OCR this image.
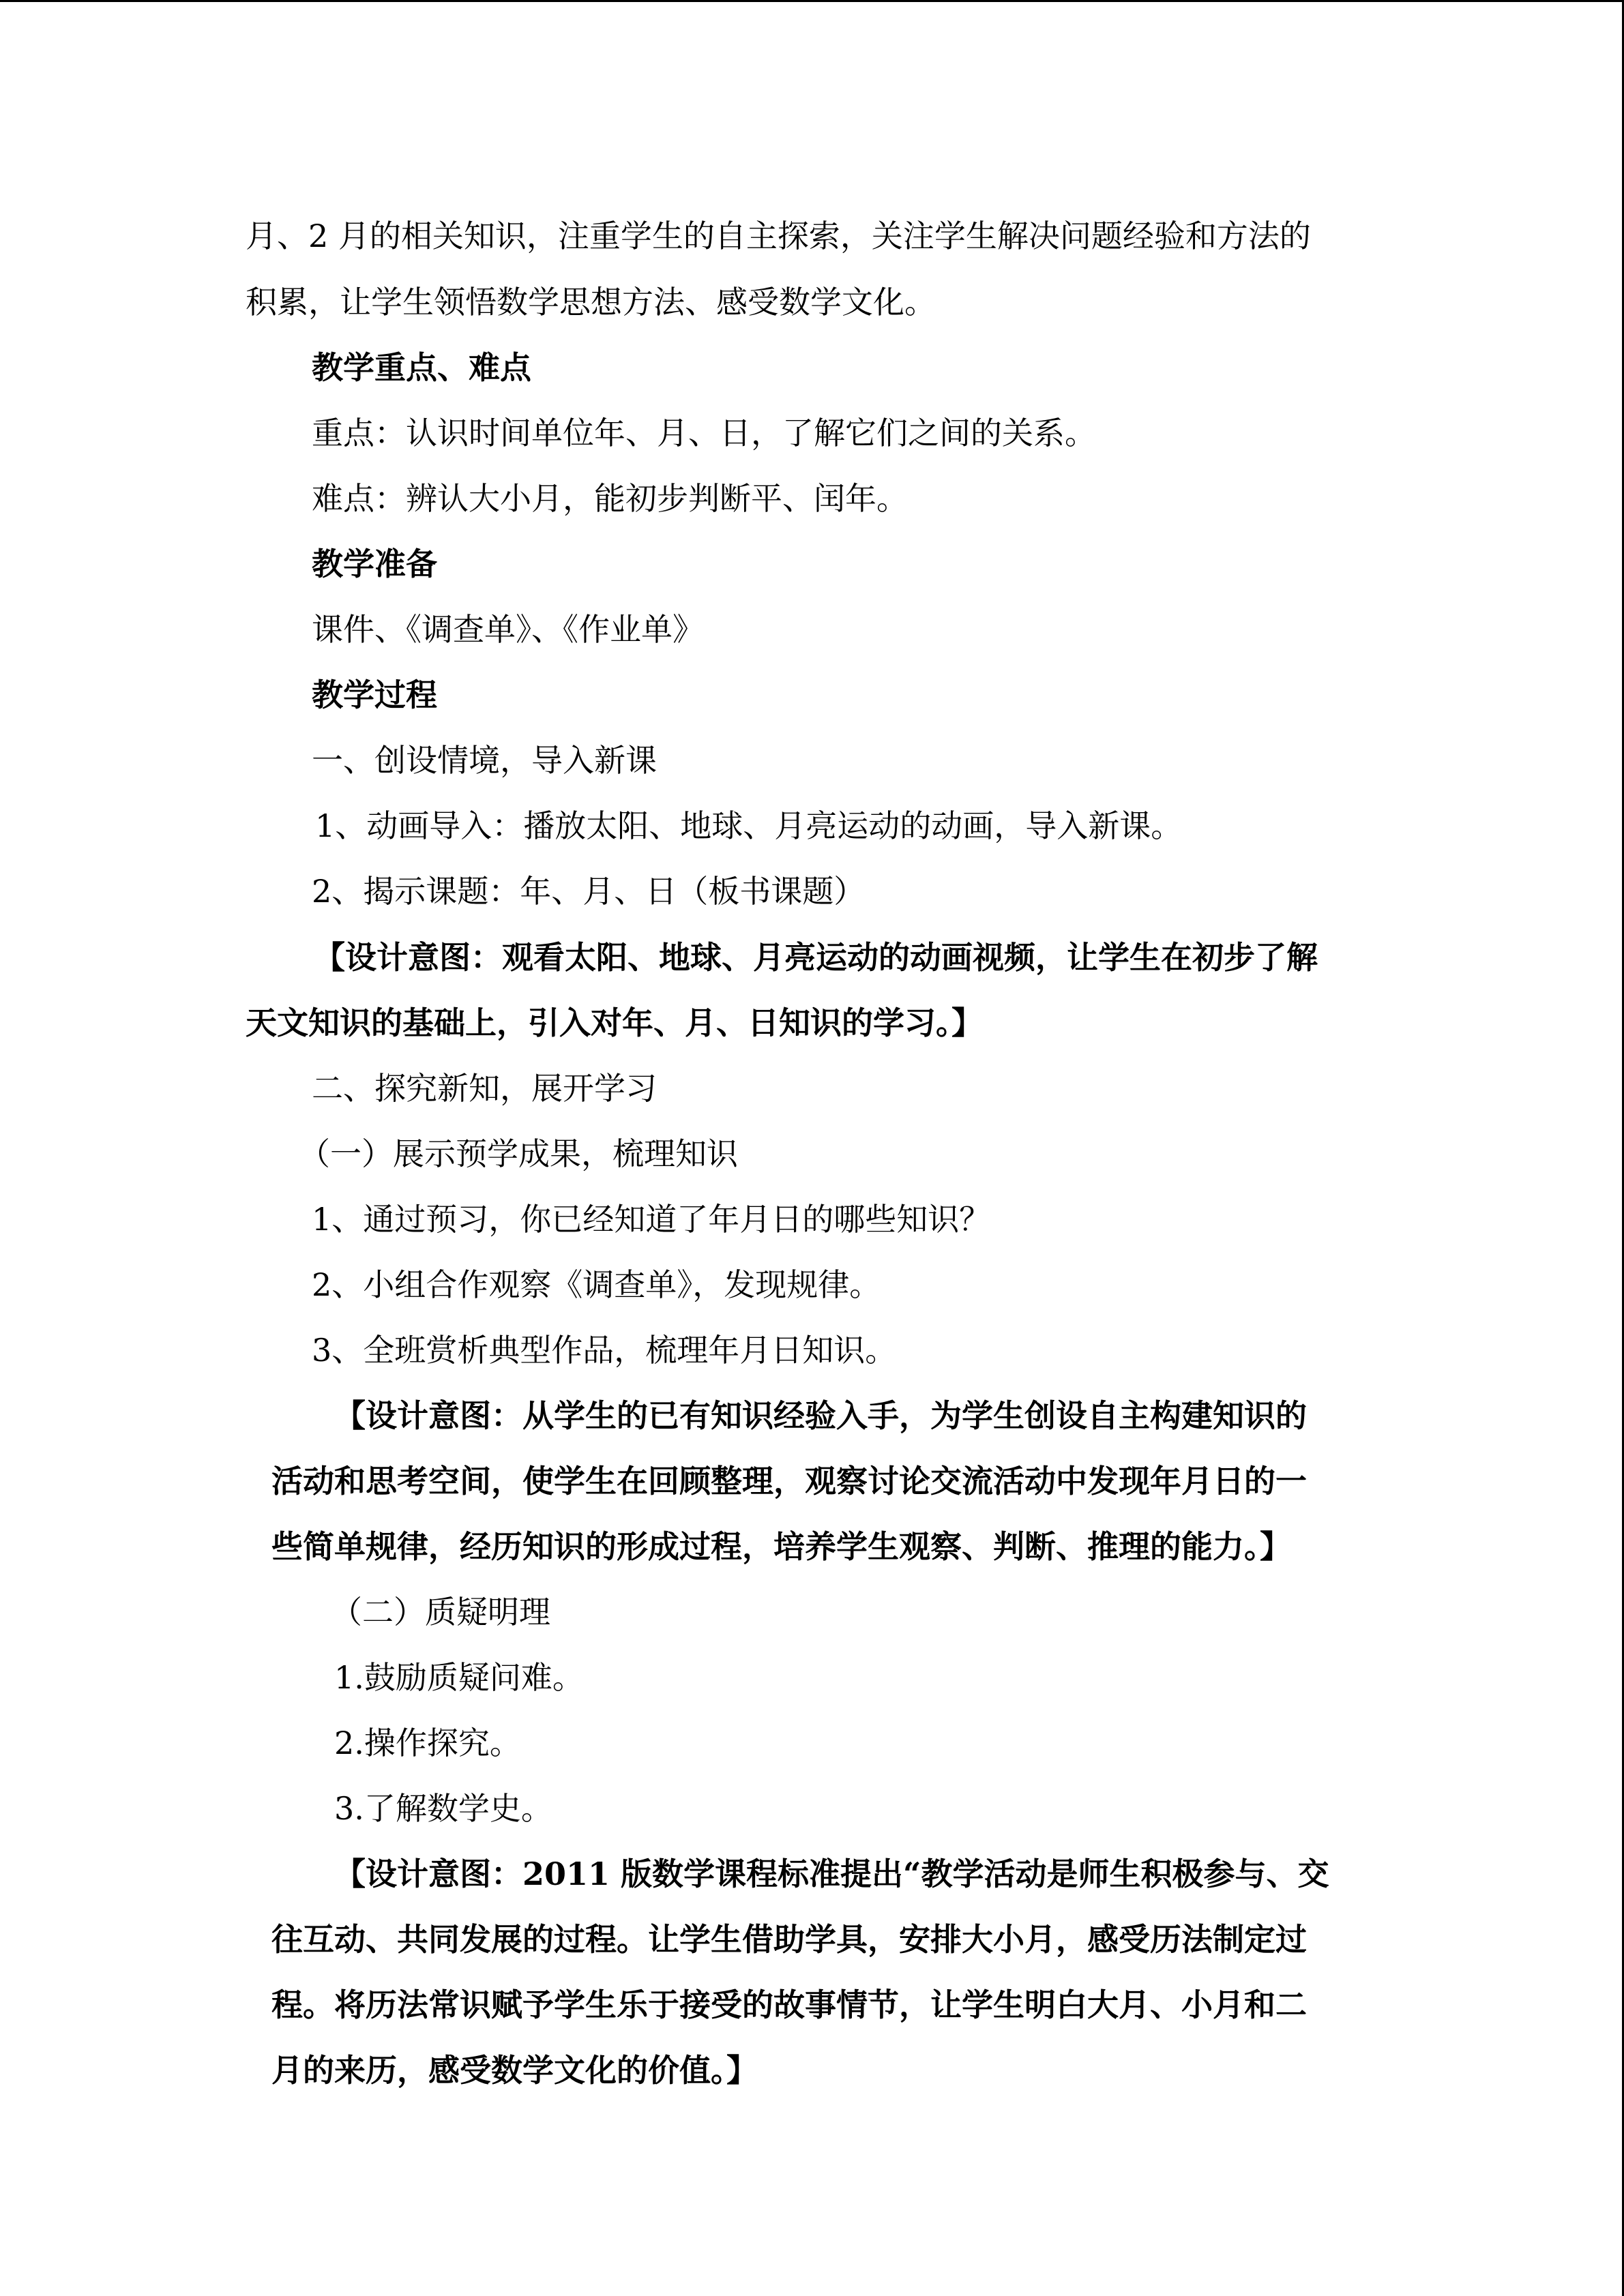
月、2 月的相关知识，注重学生的自主探索，关注学生解决问题经验和方法的
积累，让学生领悟数学思想方法、感受数学文化。
教学重点、难点
重点：认识时间单位年、月、日，了解它们之间的关系。
难点：辨认大小月，能初步判断平、闰年。
教学准备
课件、《调查单》、《作业单》
教学过程
一、创设情境，导入新课
1、动画导入：播放太阳、地球、月亮运动的动画，导入新课。
2、揭示课题：年、月、日（板书课题）
【设计意图：观看太阳、地球、月亮运动的动画视频，让学生在初步了解
天文知识的基础上，引入对年、月、日知识的学习。】
二、探究新知，展开学习
（一）展示预学成果，梳理知识
1、通过预习，你已经知道了年月日的哪些知识？
2、小组合作观察《调查单》，发现规律。
3、全班赏析典型作品，梳理年月日知识。
【设计意图：从学生的已有知识经验入手，为学生创设自主构建知识的
活动和思考空间，使学生在回顾整理，观察讨论交流活动中发现年月日的一
些简单规律，经历知识的形成过程，培养学生观察、判断、推理的能力。】
（二）质疑明理
1.鼓励质疑问难。
2.操作探究。
3.了解数学史。
【设计意图：2011 版数学课程标准提出“教学活动是师生积极参与、交
往互动、共同发展的过程。让学生借助学具，安排大小月，感受历法制定过
程。将历法常识赋予学生乐于接受的故事情节，让学生明白大月、小月和二
月的来历，感受数学文化的价值。】
